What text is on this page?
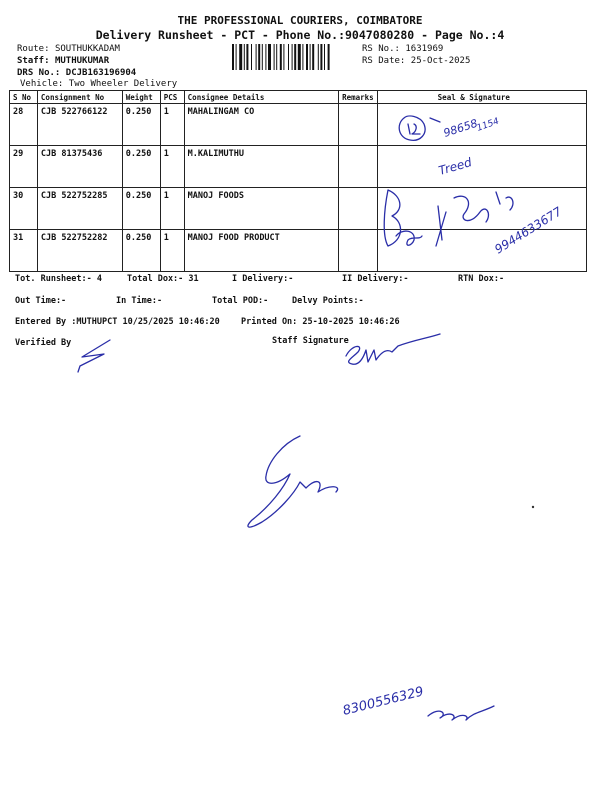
THE PROFESSIONAL COURIERS, COIMBATORE
Delivery Runsheet - PCT - Phone No.:9047080280 - Page No.:4
Route: SOUTHUKKADAM
Staff: MUTHUKUMAR
DRS No.: DCJB163196904
Vehicle: Two Wheeler Delivery
RS No.: 1631969
RS Date: 25-Oct-2025
S No	Consignment No	Weight	PCS	Consignee Details	Remarks	Seal & Signature
28	CJB 522766122	0.250	1	MAHALINGAM CO		
29	CJB 81375436	0.250	1	M.KALIMUTHU		
30	CJB 522752285	0.250	1	MANOJ FOODS		
31	CJB 522752282	0.250	1	MANOJ FOOD PRODUCT		
Tot. Runsheet:- 4	Total Dox:- 31	I Delivery:-	II Delivery:-	RTN Dox:-
Out Time:-	In Time:-	Total POD:-	Delvy Points:-
Entered By :MUTHUPCT 10/25/2025 10:46:20	Printed On: 25-10-2025 10:46:26
Verified By	Staff Signature
98658
1154
Treed
9944633677
8300556329
